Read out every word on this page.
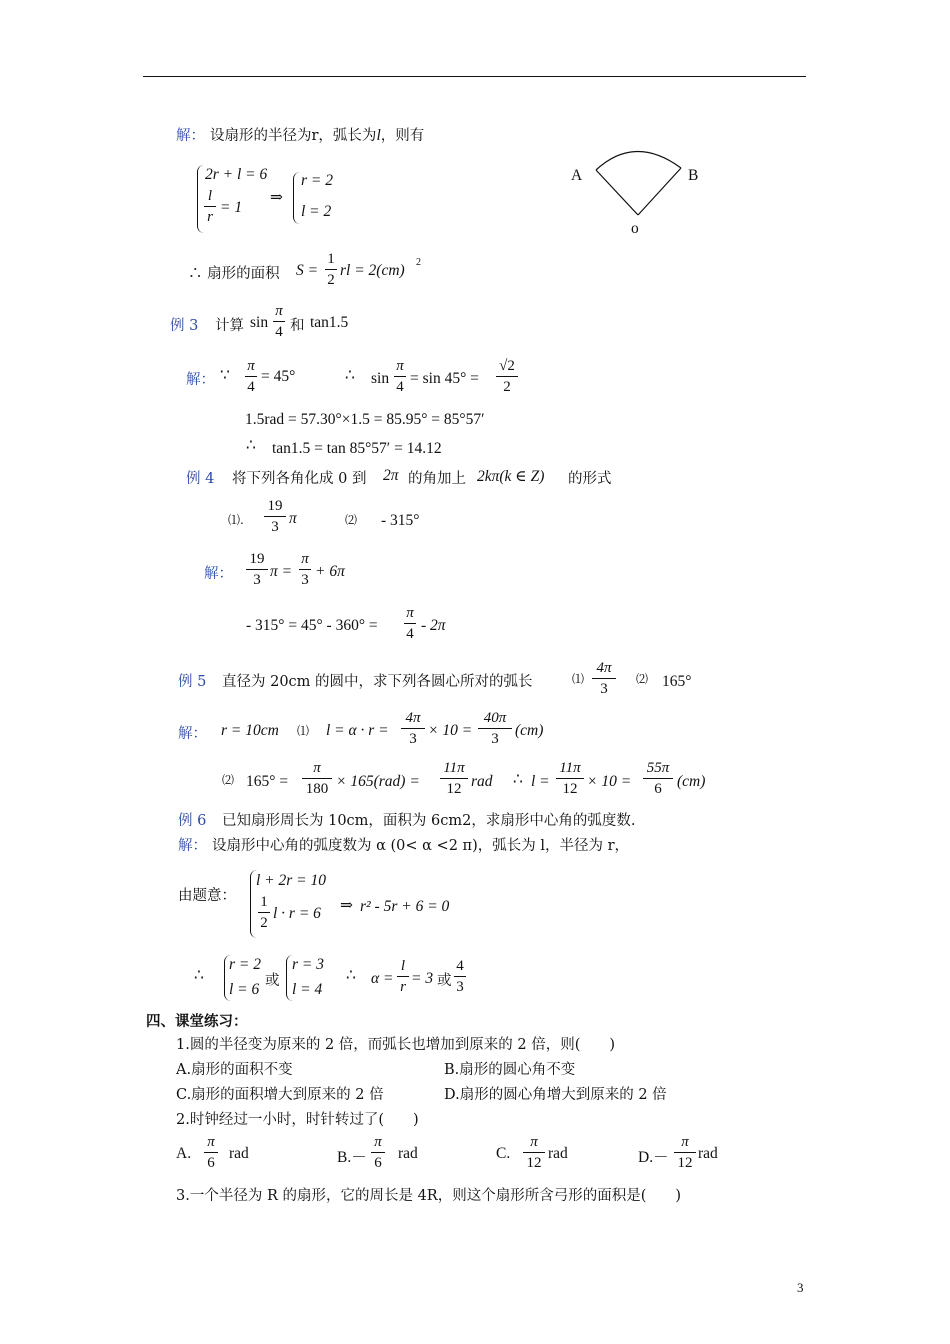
解： 设扇形的半径为r，弧长为l，则有
2r + l = 6
l
r
= 1
⇒
r = 2
l = 2
∴ 扇形的面积 S =
1
2
rl = 2(cm) 2
A	B
o
例 3 计算 sin
π
4 和 tan1.5
解： ∵
π
4
= 45°	∴ sin
π
4 = sin 45° =
√2
2
1.5rad = 57.30°×1.5 = 85.95° = 85°57′
∴ tan1.5 = tan 85°57′ = 14.12
例 4 将下列各角化成 0 到 2π 的角加上 2kπ(k ∈ Z) 的形式
⑴.
19
3 π	⑵ - 315°
解：
19
3 π =
π
3 + 6π
- 315° = 45° - 360° =
π
4 - 2π
例 5 直径为 20cm 的圆中，求下列各圆心所对的弧长	⑴
4π
3
⑵ 165°
解： r = 10cm ⑴ l = α · r =
4π
3 × 10 =
40π
3	(cm)
⑵ 165° =
π
180 × 165(rad) =
11π
12 rad ∴ l =
11π
12 × 10 =
55π
6 (cm)
例 6 已知扇形周长为 10cm，面积为 6cm2，求扇形中心角的弧度数.
解： 设扇形中心角的弧度数为 α (0< α <2 π)，弧长为 l，半径为 r，
由题意：
l + 2r = 10
1
2
l · r = 6 ⇒ r² - 5r + 6 = 0
∴
r = 2
l = 6 或
r = 3
l = 4
∴ α =
l
r = 3 或
4
3
四、课堂练习：
1.圆的半径变为原来的 2 倍，而弧长也增加到原来的 2 倍，则(　　)
A.扇形的面积不变	B.扇形的圆心角不变
C.扇形的面积增大到原来的 2 倍	D.扇形的圆心角增大到原来的 2 倍
2.时钟经过一小时，时针转过了(　　)
A.
π
6
rad	B.－
π
6
rad	C.
π
12
rad	D.－
π
12
rad
3.一个半径为 R 的扇形，它的周长是 4R，则这个扇形所含弓形的面积是(　　)
3
